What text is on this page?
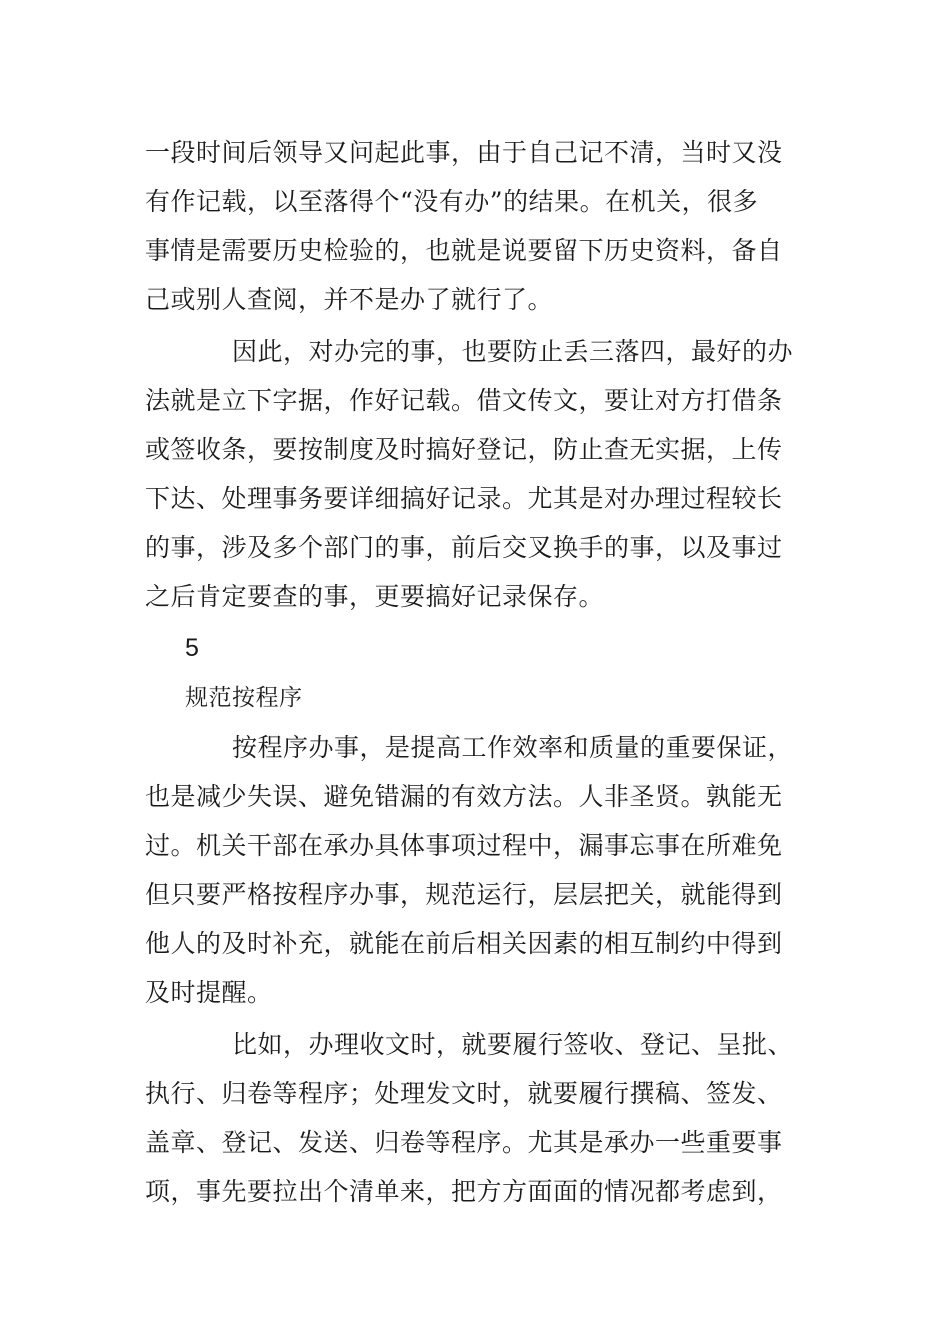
一段时间后领导又问起此事，由于自己记不清，当时又没
有作记载，以至落得个“没有办”的结果。在机关，很多
事情是需要历史检验的，也就是说要留下历史资料，备自
己或别人查阅，并不是办了就行了。
因此，对办完的事，也要防止丢三落四，最好的办
法就是立下字据，作好记载。借文传文，要让对方打借条
或签收条，要按制度及时搞好登记，防止查无实据，上传
下达、处理事务要详细搞好记录。尤其是对办理过程较长
的事，涉及多个部门的事，前后交叉换手的事，以及事过
之后肯定要查的事，更要搞好记录保存。
5
规范按程序
按程序办事，是提高工作效率和质量的重要保证，
也是减少失误、避免错漏的有效方法。人非圣贤。孰能无
过。机关干部在承办具体事项过程中，漏事忘事在所难免
但只要严格按程序办事，规范运行，层层把关，就能得到
他人的及时补充，就能在前后相关因素的相互制约中得到
及时提醒。
比如，办理收文时，就要履行签收、登记、呈批、
执行、归卷等程序；处理发文时，就要履行撰稿、签发、
盖章、登记、发送、归卷等程序。尤其是承办一些重要事
项，事先要拉出个清单来，把方方面面的情况都考虑到，
